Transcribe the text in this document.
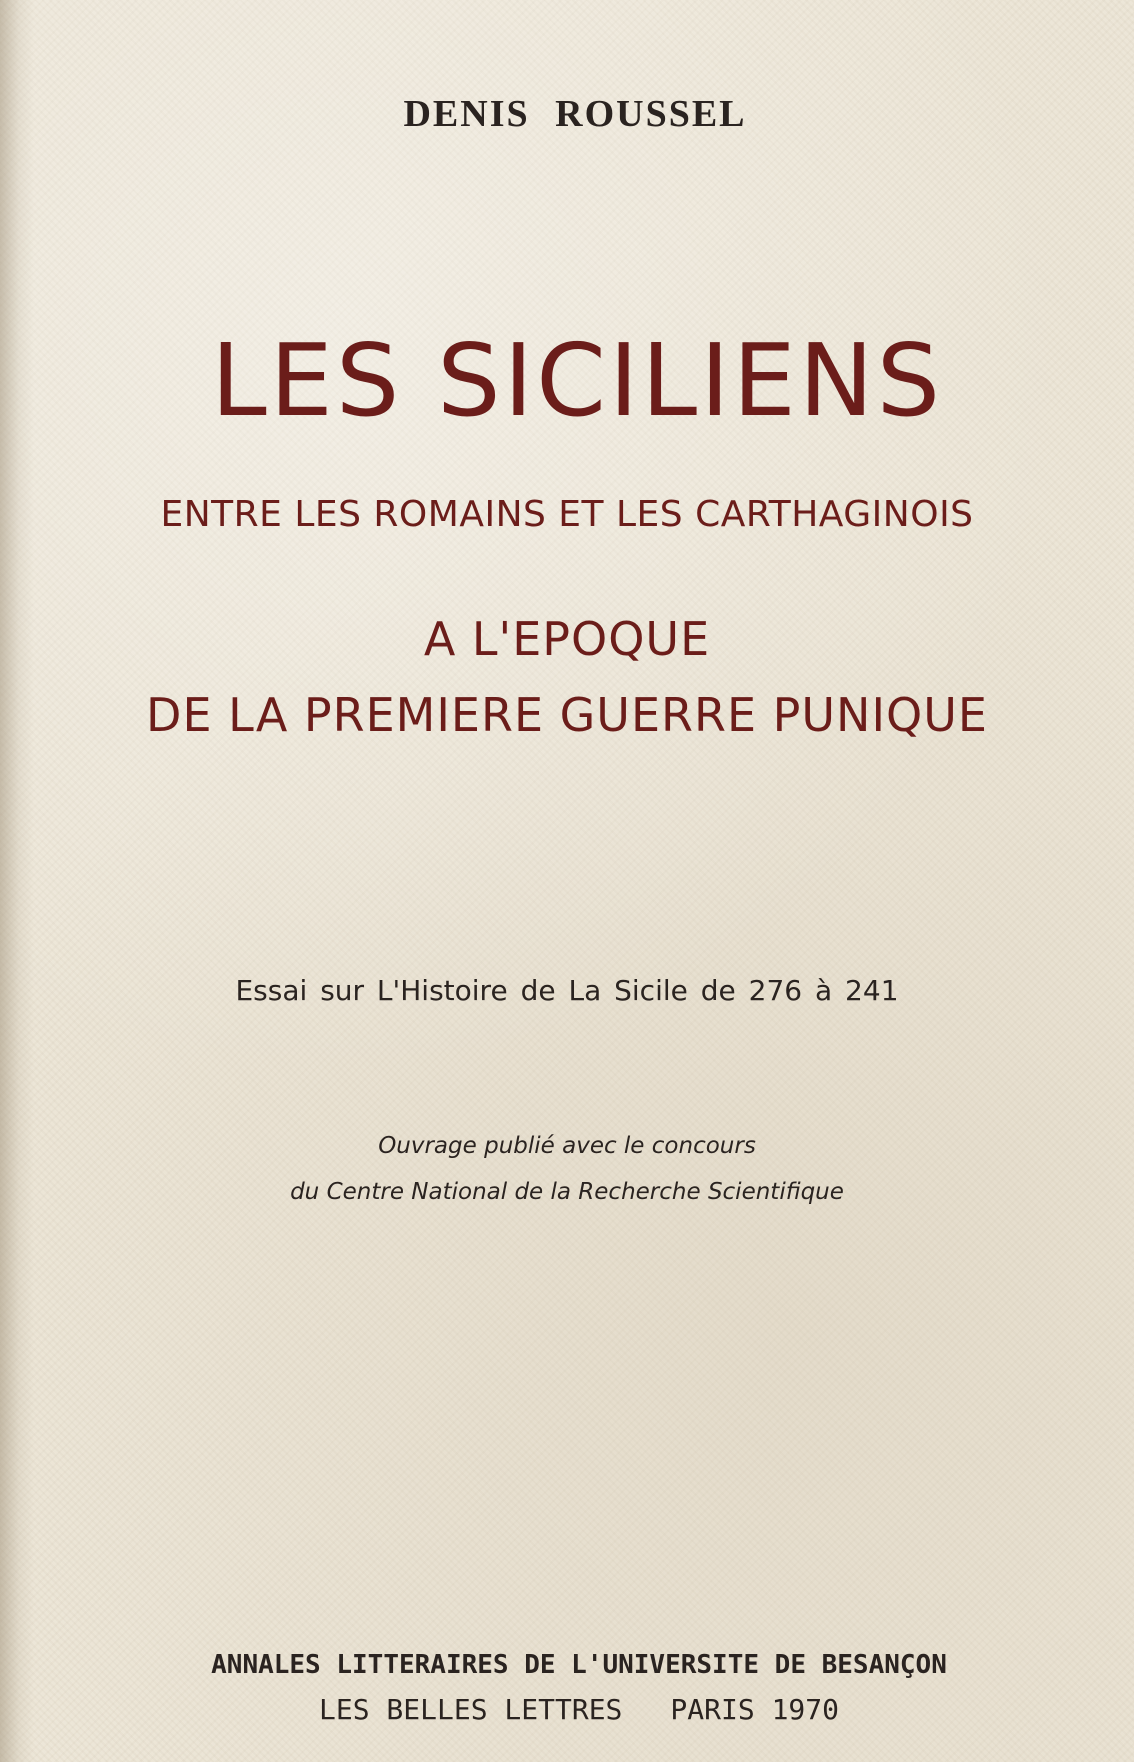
DENIS ROUSSEL
LES SICILIENS
ENTRE LES ROMAINS ET LES CARTHAGINOIS
A L'EPOQUE
DE LA PREMIERE GUERRE PUNIQUE
Essai sur L'Histoire de La Sicile de 276 à 241
Ouvrage publié avec le concours
du Centre National de la Recherche Scientifique
ANNALES LITTERAIRES DE L'UNIVERSITE DE BESANÇON
LES BELLES LETTRES PARIS 1970
